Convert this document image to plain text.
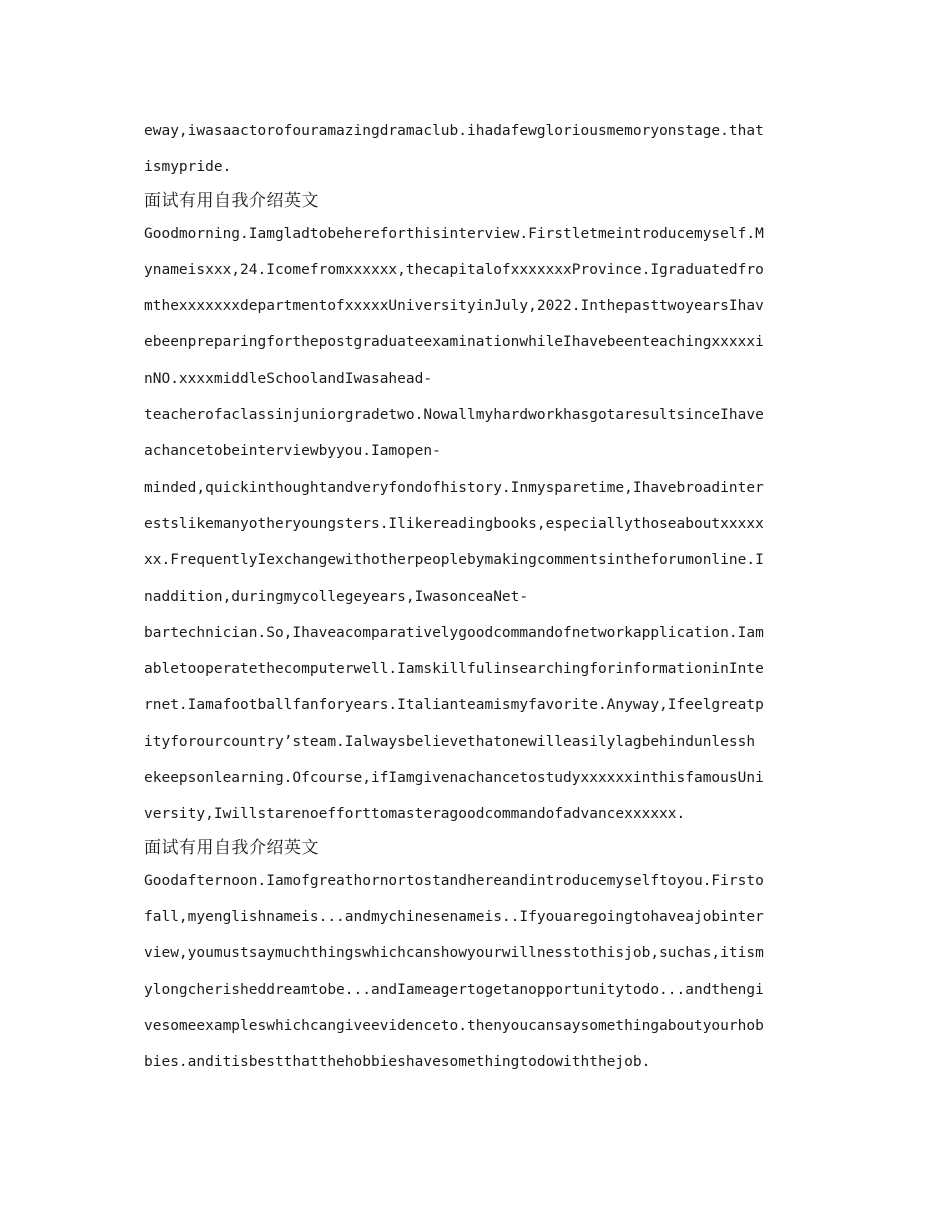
eway,iwasaactorofouramazingdramaclub.ihadafewgloriousmemoryonstage.that
ismypride.
面试有用自我介绍英文
Goodmorning.Iamgladtobehereforthisinterview.Firstletmeintroducemyself.M
ynameisxxx,24.Icomefromxxxxxx,thecapitalofxxxxxxxProvince.Igraduatedfro
mthexxxxxxxdepartmentofxxxxxUniversityinJuly,2022.InthepasttwoyearsIhav
ebeenpreparingforthepostgraduateexaminationwhileIhavebeenteachingxxxxxi
nNO.xxxxmiddleSchoolandIwasahead-
teacherofaclassinjuniorgradetwo.NowallmyhardworkhasgotaresultsinceIhave
achancetobeinterviewbyyou.Iamopen-
minded,quickinthoughtandveryfondofhistory.Inmysparetime,Ihavebroadinter
estslikemanyotheryoungsters.Ilikereadingbooks,especiallythoseaboutxxxxx
xx.FrequentlyIexchangewithotherpeoplebymakingcommentsintheforumonline.I
naddition,duringmycollegeyears,IwasonceaNet-
bartechnician.So,Ihaveacomparativelygoodcommandofnetworkapplication.Iam
abletooperatethecomputerwell.IamskillfulinsearchingforinformationinInte
rnet.Iamafootballfanforyears.Italianteamismyfavorite.Anyway,Ifeelgreatp
ityforourcountry’steam.Ialwaysbelievethatonewilleasilylagbehindunlessh
ekeepsonlearning.Ofcourse,ifIamgivenachancetostudyxxxxxxinthisfamousUni
versity,Iwillstarenoefforttomasteragoodcommandofadvancexxxxxx.
面试有用自我介绍英文
Goodafternoon.Iamofgreathornortostandhereandintroducemyselftoyou.Firsto
fall,myenglishnameis...andmychinesenameis..Ifyouaregoingtohaveajobinter
view,youmustsaymuchthingswhichcanshowyourwillnesstothisjob,suchas,itism
ylongcherisheddreamtobe...andIameagertogetanopportunitytodo...andthengi
vesomeexampleswhichcangiveevidenceto.thenyoucansaysomethingaboutyourhob
bies.anditisbestthatthehobbieshavesomethingtodowiththejob.
